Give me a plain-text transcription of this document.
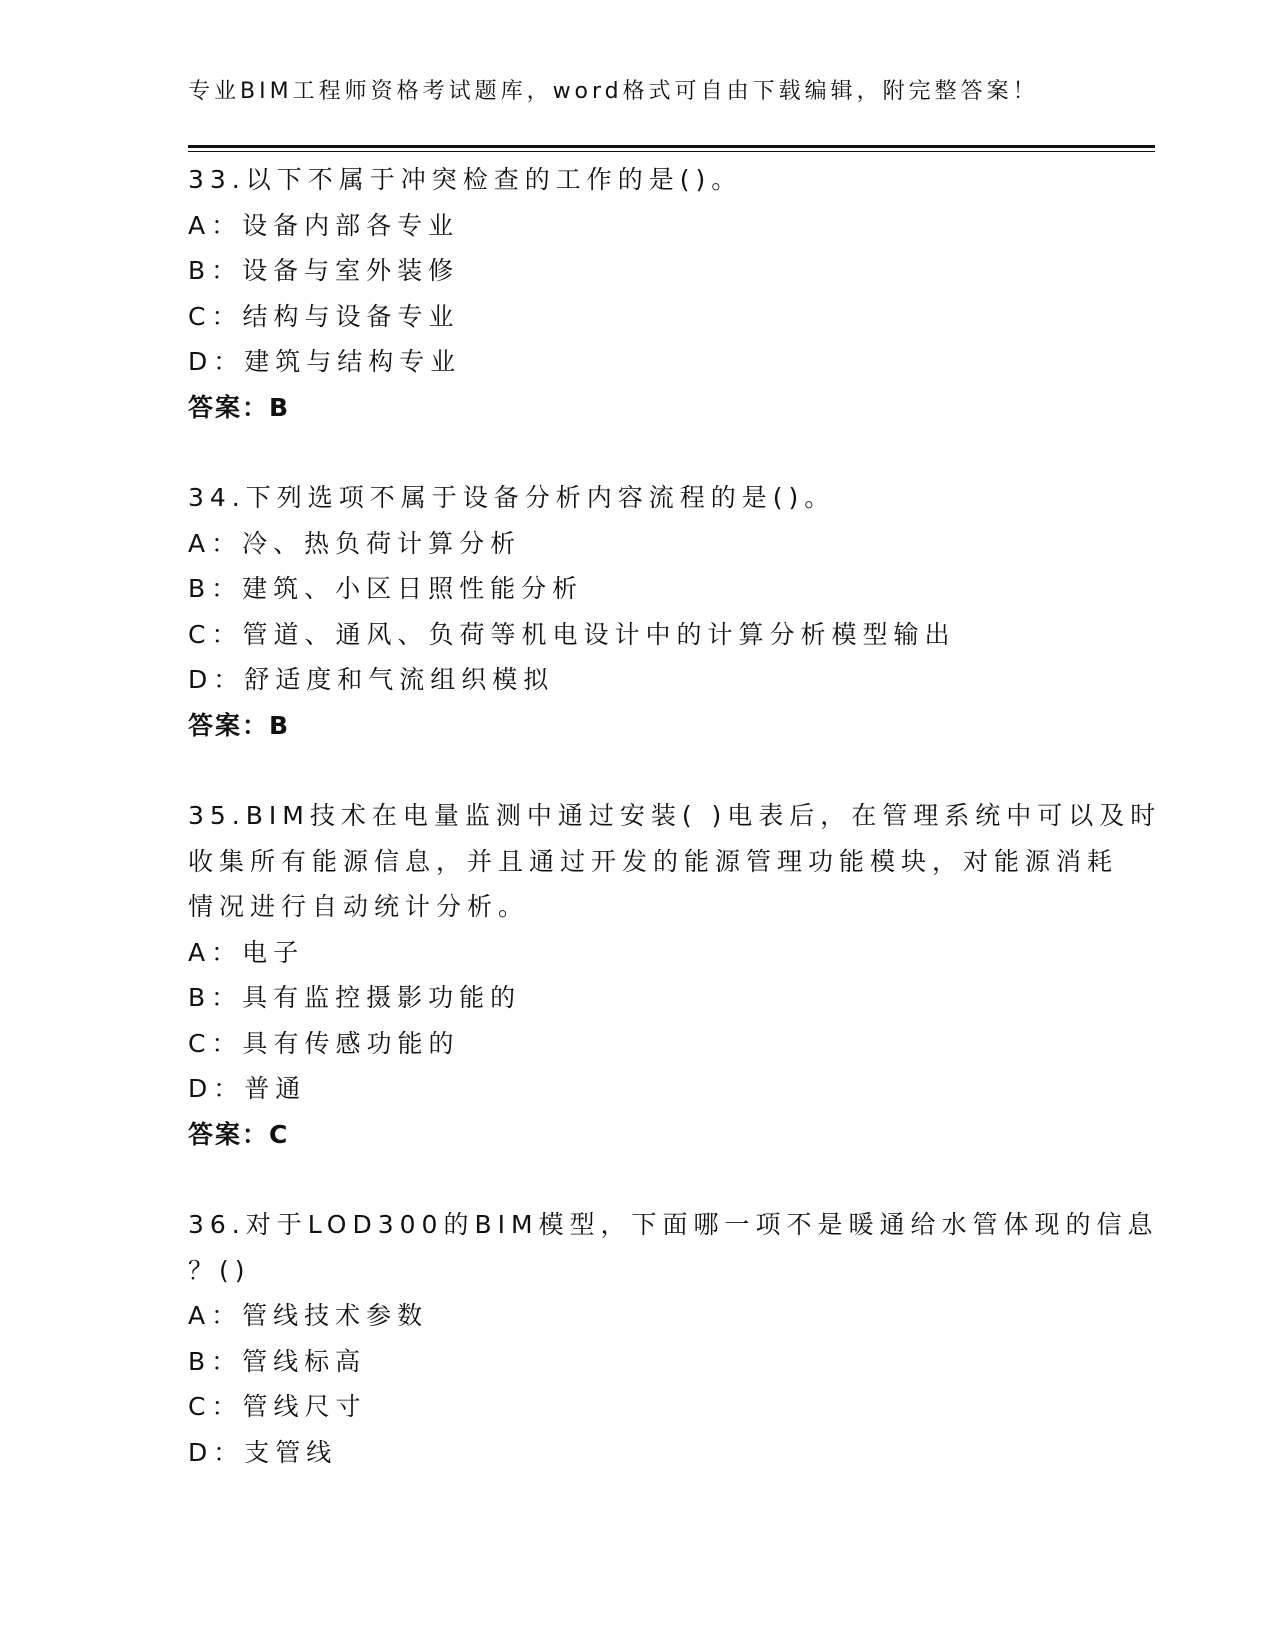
专业BIM工程师资格考试题库，word格式可自由下载编辑，附完整答案！
33.以下不属于冲突检查的工作的是()。
A：设备内部各专业
B：设备与室外装修
C：结构与设备专业
D：建筑与结构专业
答案：B
34.下列选项不属于设备分析内容流程的是()。
A：冷、热负荷计算分析
B：建筑、小区日照性能分析
C：管道、通风、负荷等机电设计中的计算分析模型输出
D：舒适度和气流组织模拟
答案：B
35.BIM技术在电量监测中通过安装( )电表后，在管理系统中可以及时
收集所有能源信息，并且通过开发的能源管理功能模块，对能源消耗
情况进行自动统计分析。
A：电子
B：具有监控摄影功能的
C：具有传感功能的
D：普通
答案：C
36.对于LOD300的BIM模型，下面哪一项不是暖通给水管体现的信息
？()
A：管线技术参数
B：管线标高
C：管线尺寸
D：支管线
